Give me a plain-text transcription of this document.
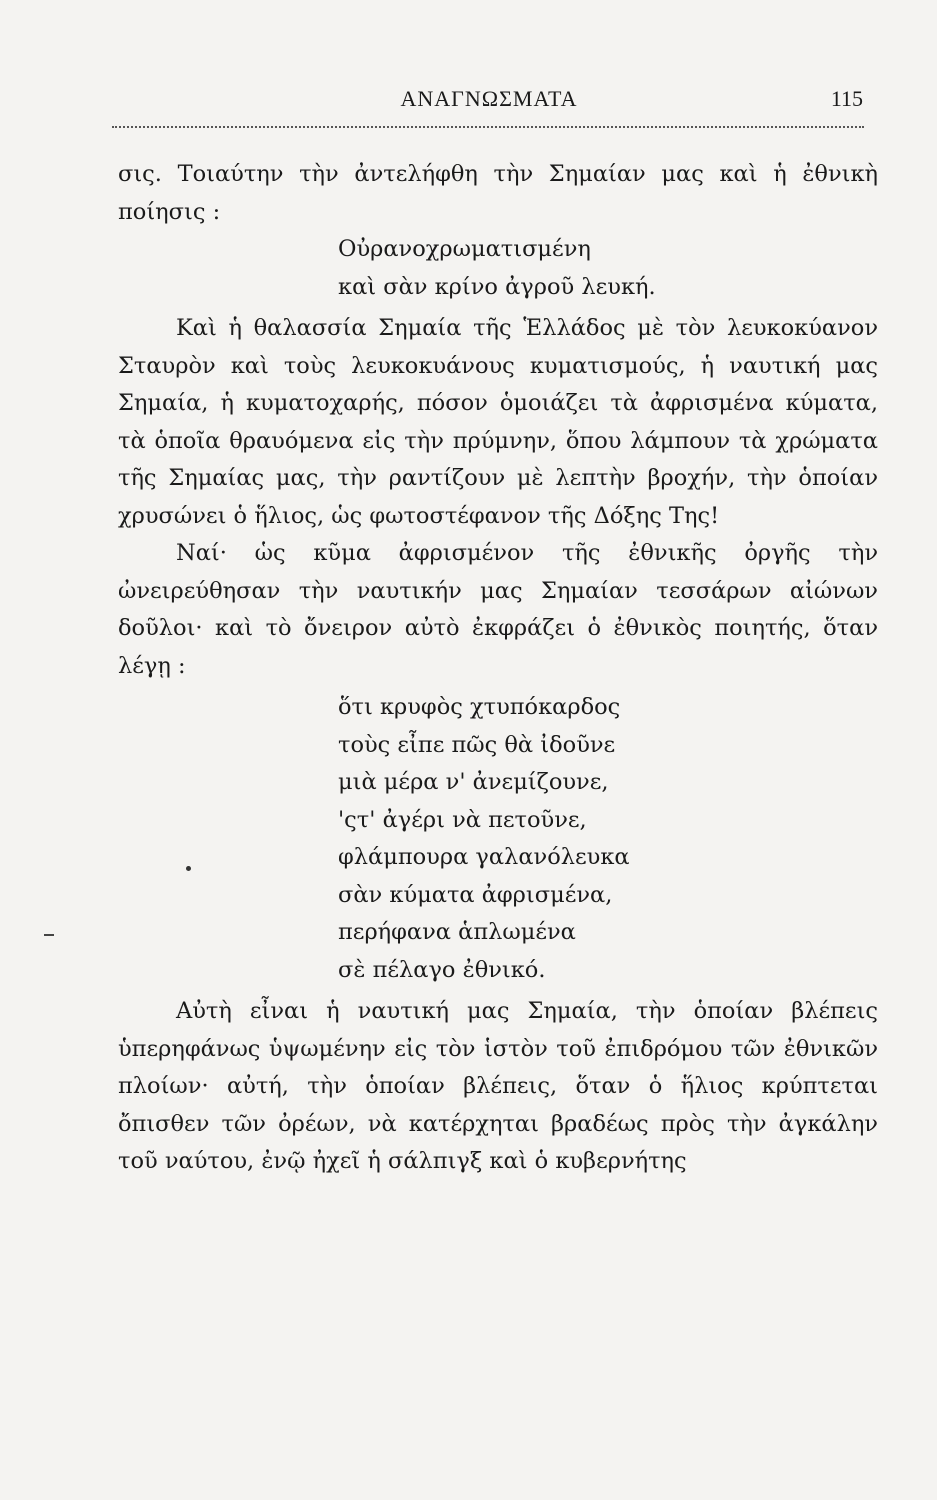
ΑΝΑΓΝΩΣΜΑΤΑ	115

σις. Τοιαύτην τὴν ἀντελήφθη τὴν Σημαίαν μας καὶ ἡ ἐθνικὴ ποίησις :

Οὐρανοχρωματισμένη
καὶ σὰν κρίνο ἀγροῦ λευκή.

Καὶ ἡ θαλασσία Σημαία τῆς Ἑλλάδος μὲ τὸν λευκοκύανον Σταυρὸν καὶ τοὺς λευκοκυάνους κυματισμούς, ἡ ναυτική μας Σημαία, ἡ κυματοχαρής, πόσον ὁμοιάζει τὰ ἀφρισμένα κύματα, τὰ ὁποῖα θραυόμενα εἰς τὴν πρύμνην, ὅπου λάμπουν τὰ χρώματα τῆς Σημαίας μας, τὴν ραντίζουν μὲ λεπτὴν βροχήν, τὴν ὁποίαν χρυσώνει ὁ ἥλιος, ὡς φωτοστέφανον τῆς Δόξης Της!

Ναί· ὡς κῦμα ἀφρισμένον τῆς ἐθνικῆς ὀργῆς τὴν ὠνειρεύθησαν τὴν ναυτικήν μας Σημαίαν τεσσάρων αἰώνων δοῦλοι· καὶ τὸ ὄνειρον αὐτὸ ἐκφράζει ὁ ἐθνικὸς ποιητής, ὅταν λέγῃ :

ὅτι κρυφὸς χτυπόκαρδος
τοὺς εἶπε πῶς θὰ ἰδοῦνε
μιὰ μέρα ν' ἀνεμίζουνε,
'ςτ' ἀγέρι νὰ πετοῦνε,
φλάμπουρα γαλανόλευκα
σὰν κύματα ἀφρισμένα,
περήφανα ἁπλωμένα
σὲ πέλαγο ἐθνικό.

Αὐτὴ εἶναι ἡ ναυτική μας Σημαία, τὴν ὁποίαν βλέπεις ὑπερηφάνως ὑψωμένην εἰς τὸν ἱστὸν τοῦ ἐπιδρόμου τῶν ἐθνικῶν πλοίων· αὐτή, τὴν ὁποίαν βλέπεις, ὅταν ὁ ἥλιος κρύπτεται ὄπισθεν τῶν ὀρέων, νὰ κατέρχηται βραδέως πρὸς τὴν ἀγκάλην τοῦ ναύτου, ἐνῷ ἠχεῖ ἡ σάλπιγξ καὶ ὁ κυβερνήτης
